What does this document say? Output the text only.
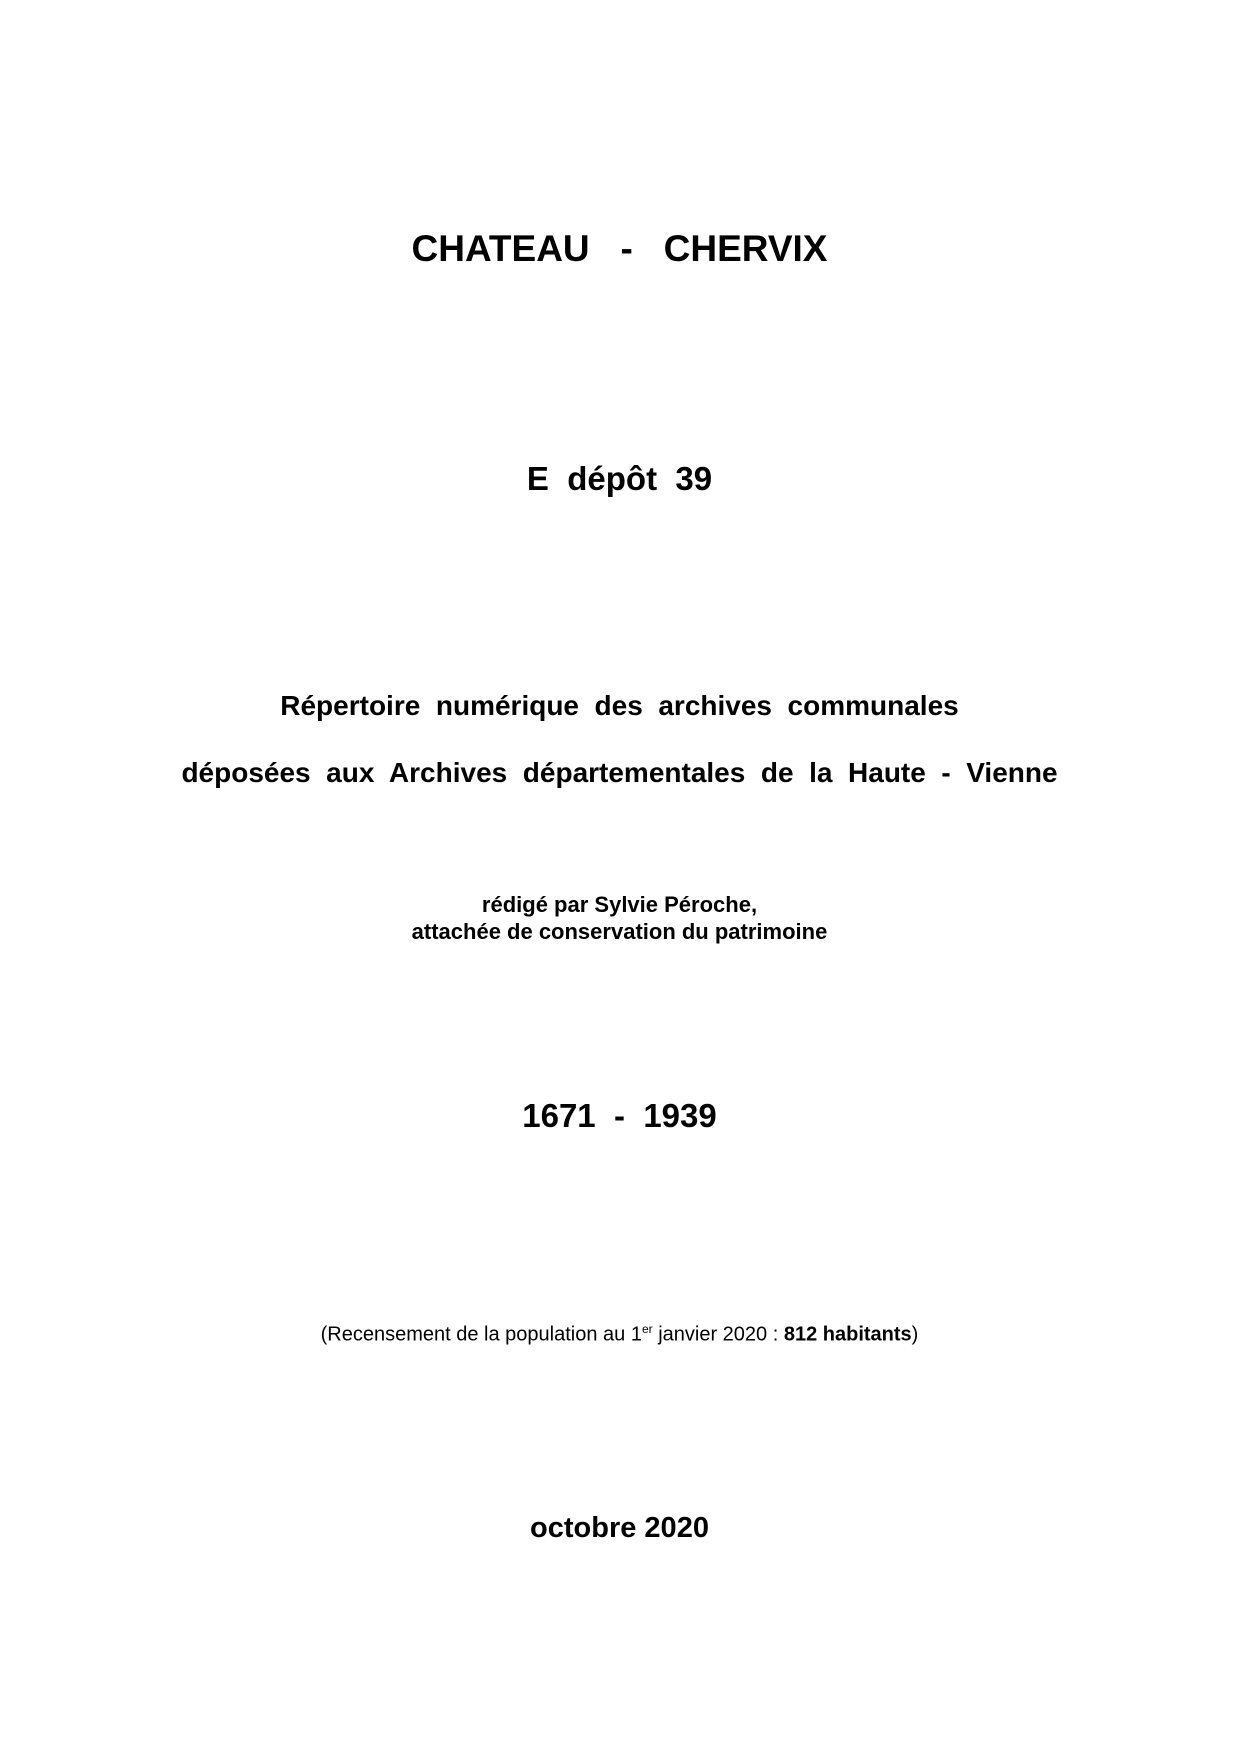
CHATEAU   -   CHERVIX
E  dépôt  39
Répertoire  numérique  des  archives  communales
déposées  aux  Archives  départementales  de  la  Haute  -  Vienne
rédigé par Sylvie Péroche,
attachée de conservation du patrimoine
1671  -  1939
(Recensement de la population au 1er janvier 2020 : 812 habitants)
octobre 2020
